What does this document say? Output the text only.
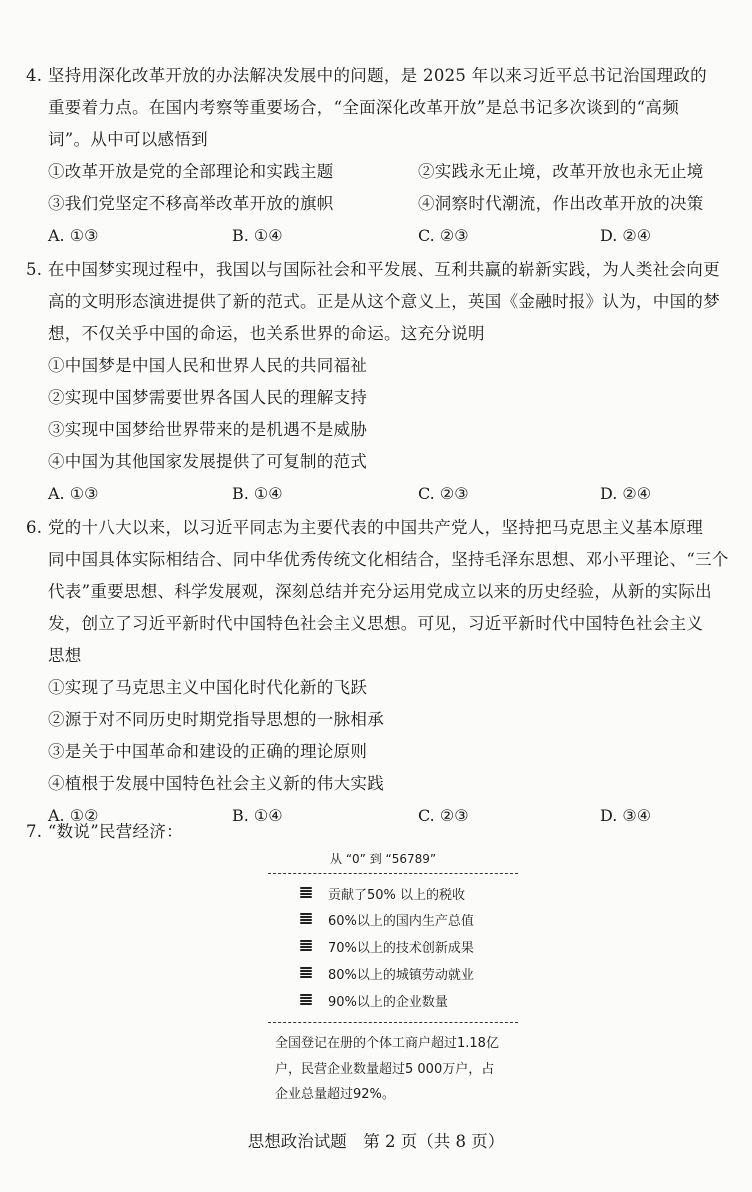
4. 坚持用深化改革开放的办法解决发展中的问题，是 2025 年以来习近平总书记治国理政的
重要着力点。在国内考察等重要场合，“全面深化改革开放”是总书记多次谈到的“高频
词”。从中可以感悟到
①改革开放是党的全部理论和实践主题	②实践永无止境，改革开放也永无止境
③我们党坚定不移高举改革开放的旗帜	④洞察时代潮流，作出改革开放的决策
A. ①③	B. ①④	C. ②③	D. ②④
5. 在中国梦实现过程中，我国以与国际社会和平发展、互利共赢的崭新实践，为人类社会向更
高的文明形态演进提供了新的范式。正是从这个意义上，英国《金融时报》认为，中国的梦
想，不仅关乎中国的命运，也关系世界的命运。这充分说明
①中国梦是中国人民和世界人民的共同福祉
②实现中国梦需要世界各国人民的理解支持
③实现中国梦给世界带来的是机遇不是威胁
④中国为其他国家发展提供了可复制的范式
A. ①③	B. ①④	C. ②③	D. ②④
6. 党的十八大以来，以习近平同志为主要代表的中国共产党人，坚持把马克思主义基本原理
同中国具体实际相结合、同中华优秀传统文化相结合，坚持毛泽东思想、邓小平理论、“三个
代表”重要思想、科学发展观，深刻总结并充分运用党成立以来的历史经验，从新的实际出
发，创立了习近平新时代中国特色社会主义思想。可见，习近平新时代中国特色社会主义
思想
①实现了马克思主义中国化时代化新的飞跃
②源于对不同历史时期党指导思想的一脉相承
③是关于中国革命和建设的正确的理论原则
④植根于发展中国特色社会主义新的伟大实践
A. ①②	B. ①④	C. ②③	D. ③④
7. “数说”民营经济：
从 “0” 到 “56789”
贡献了50% 以上的税收
60%以上的国内生产总值
70%以上的技术创新成果
80%以上的城镇劳动就业
90%以上的企业数量
全国登记在册的个体工商户超过1.18亿
户，民营企业数量超过5 000万户，占
企业总量超过92%。
思想政治试题　第 2 页（共 8 页）
